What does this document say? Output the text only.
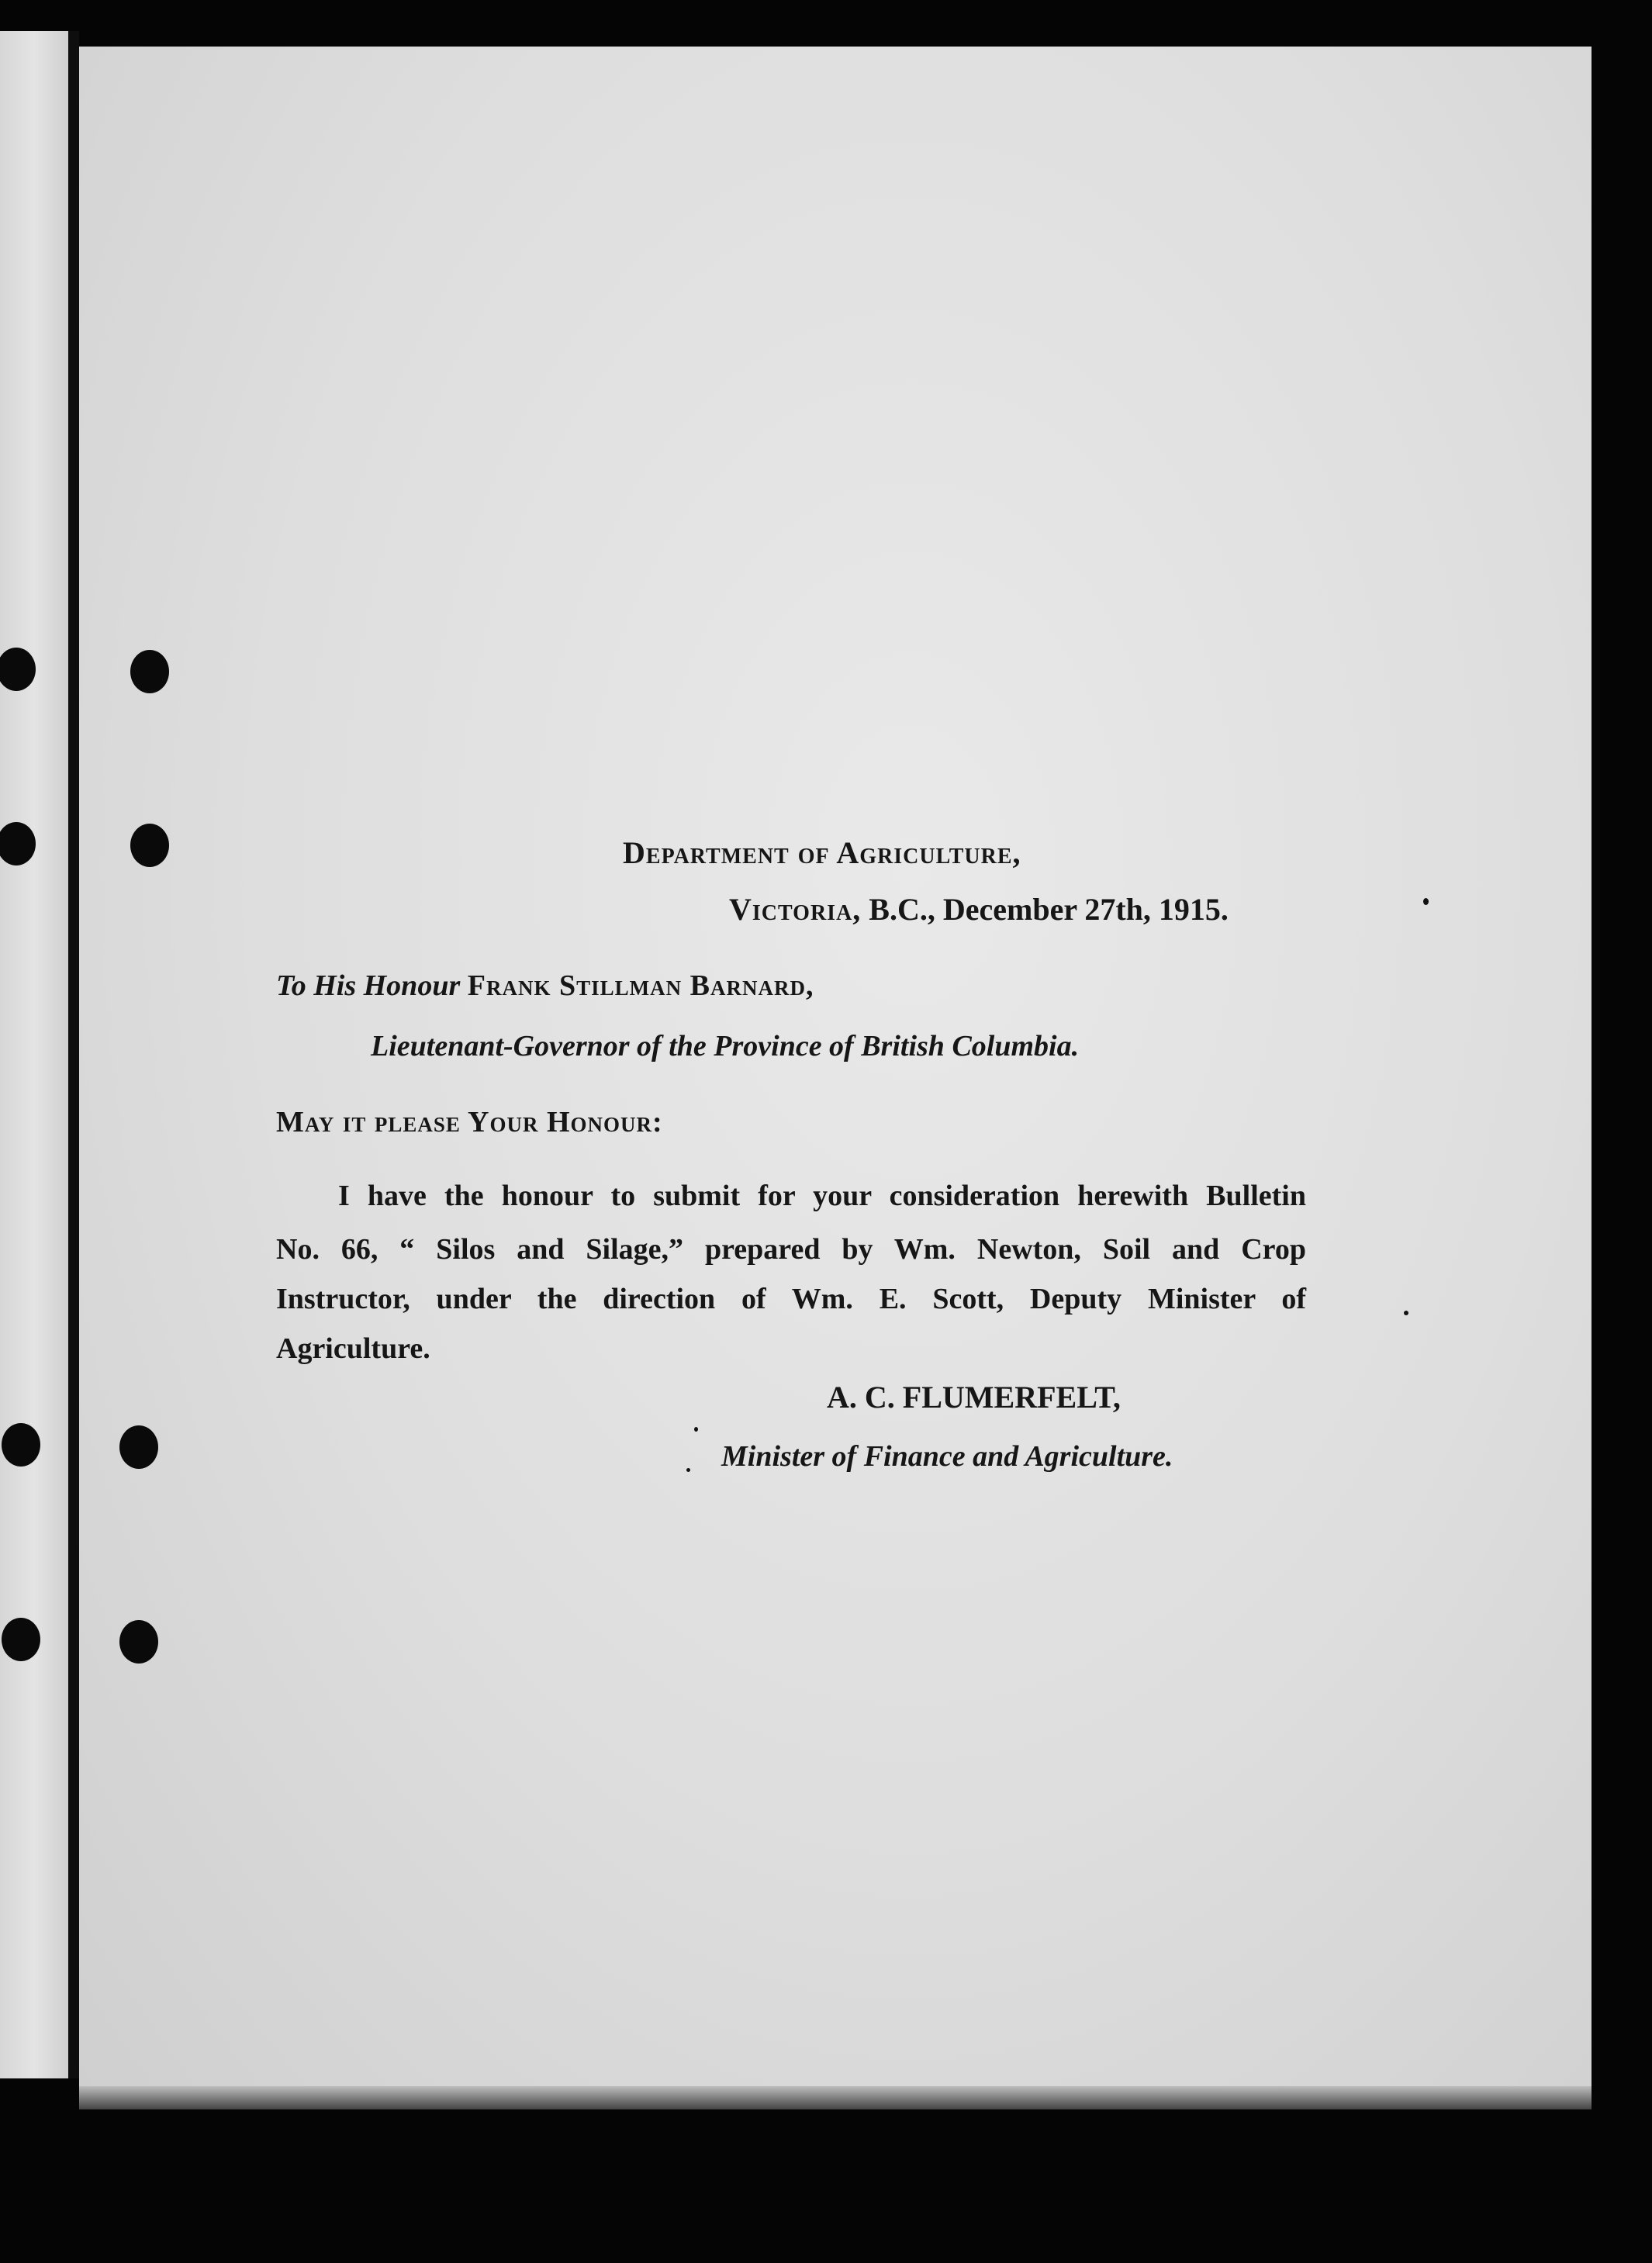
Department of Agriculture,
Victoria, B.C., December 27th, 1915.
To His Honour Frank Stillman Barnard,
Lieutenant-Governor of the Province of British Columbia.
May it please Your Honour:
I have the honour to submit for your consideration herewith Bulletin
No. 66, “ Silos and Silage,” prepared by Wm. Newton, Soil and Crop
Instructor, under the direction of Wm. E. Scott, Deputy Minister of
Agriculture.
A. C. FLUMERFELT,
Minister of Finance and Agriculture.
